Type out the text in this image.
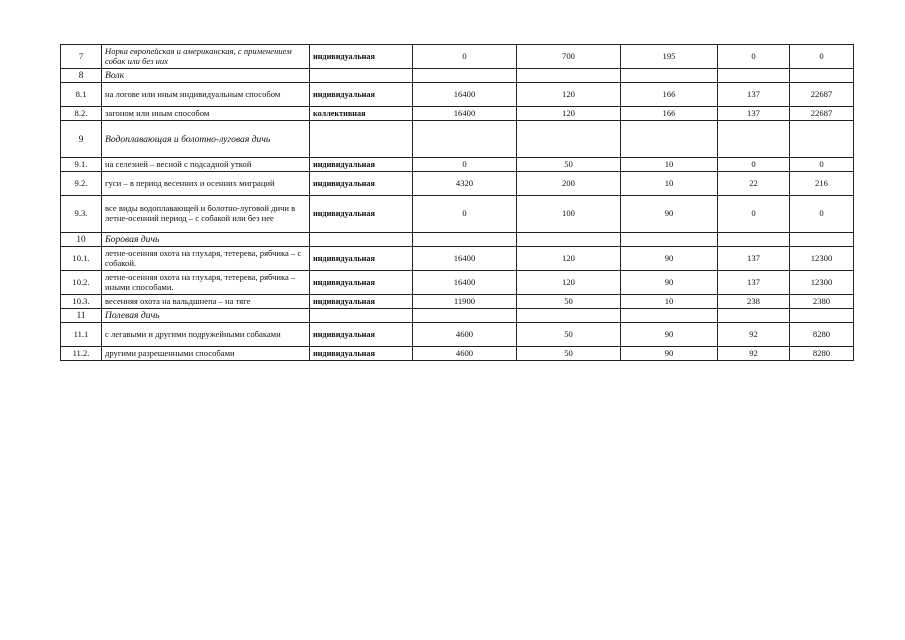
7	Норка европейская и американская, с применением собак или без них	индивидуальная	0	700	195	0	0
8	Волк						
8.1	на логове или иным индивидуальным способом	индивидуальная	16400	120	166	137	22687
8.2.	загоном или иным способом	коллективная	16400	120	166	137	22687
9	Водоплавающая и болотно-луговая дичь						
9.1.	на селезней – весной с подсадной уткой	индивидуальная	0	50	10	0	0
9.2.	гуси – в период весенних и осенних миграций	индивидуальная	4320	200	10	22	216
9.3.	все виды водоплавающей и болотно-луговой дичи в летне-осенний период – с собакой или без нее	индивидуальная	0	100	90	0	0
10	Боровая дичь						
10.1.	летне-осенняя охота на глухаря, тетерева, рябчика – с собакой.	индивидуальная	16400	120	90	137	12300
10.2.	летне-осенняя охота на глухаря, тетерева, рябчика – иными способами.	индивидуальная	16400	120	90	137	12300
10.3.	весенняя охота на вальдшнепа – на тяге	индивидуальная	11900	50	10	238	2380
11	Полевая дичь						
11.1	с легавыми и другими подружейными собаками	индивидуальная	4600	50	90	92	8280
11.2.	другими разрешенными способами	индивидуальная	4600	50	90	92	8280
